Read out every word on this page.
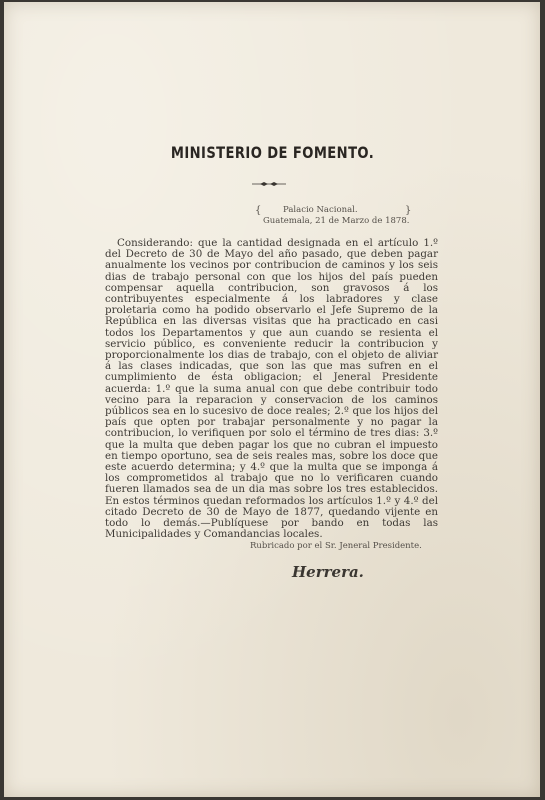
MINISTERIO DE FOMENTO.
{	Palacio Nacional.
Guatemala, 21 de Marzo de 1878.
}

Considerando: que la cantidad designada en el artículo 1.º del Decreto de 30 de Mayo del año pasado, que deben pagar anualmente los vecinos por contribucion de caminos y los seis dias de trabajo personal con que los hijos del país pueden compensar aquella contribucion, son gravosos á los contribuyentes especialmente á los labradores y clase proletaria como ha podido observarlo el Jefe Supremo de la República en las diversas visitas que ha practicado en casi todos los Departamentos y que aun cuando se resienta el servicio público, es conveniente reducir la contribucion y proporcionalmente los dias de trabajo, con el objeto de aliviar á las clases indicadas, que son las que mas sufren en el cumplimiento de ésta obligacion; el Jeneral Presidente acuerda: 1.º que la suma anual con que debe contribuir todo vecino para la reparacion y conservacion de los caminos públicos sea en lo sucesivo de doce reales; 2.º que los hijos del país que opten por trabajar personalmente y no pagar la contribucion, lo verifiquen por solo el término de tres dias: 3.º que la multa que deben pagar los que no cubran el impuesto en tiempo oportuno, sea de seis reales mas, sobre los doce que este acuerdo determina; y 4.º que la multa que se imponga á los comprometidos al trabajo que no lo verificaren cuando fueren llamados sea de un dia mas sobre los tres establecidos. En estos términos quedan reformados los artículos 1.º y 4.º del citado Decreto de 30 de Mayo de 1877, quedando vijente en todo lo demás.—Publíquese por bando en todas las Municipalidades y Comandancias locales.

Rubricado por el Sr. Jeneral Presidente.
Herrera.
